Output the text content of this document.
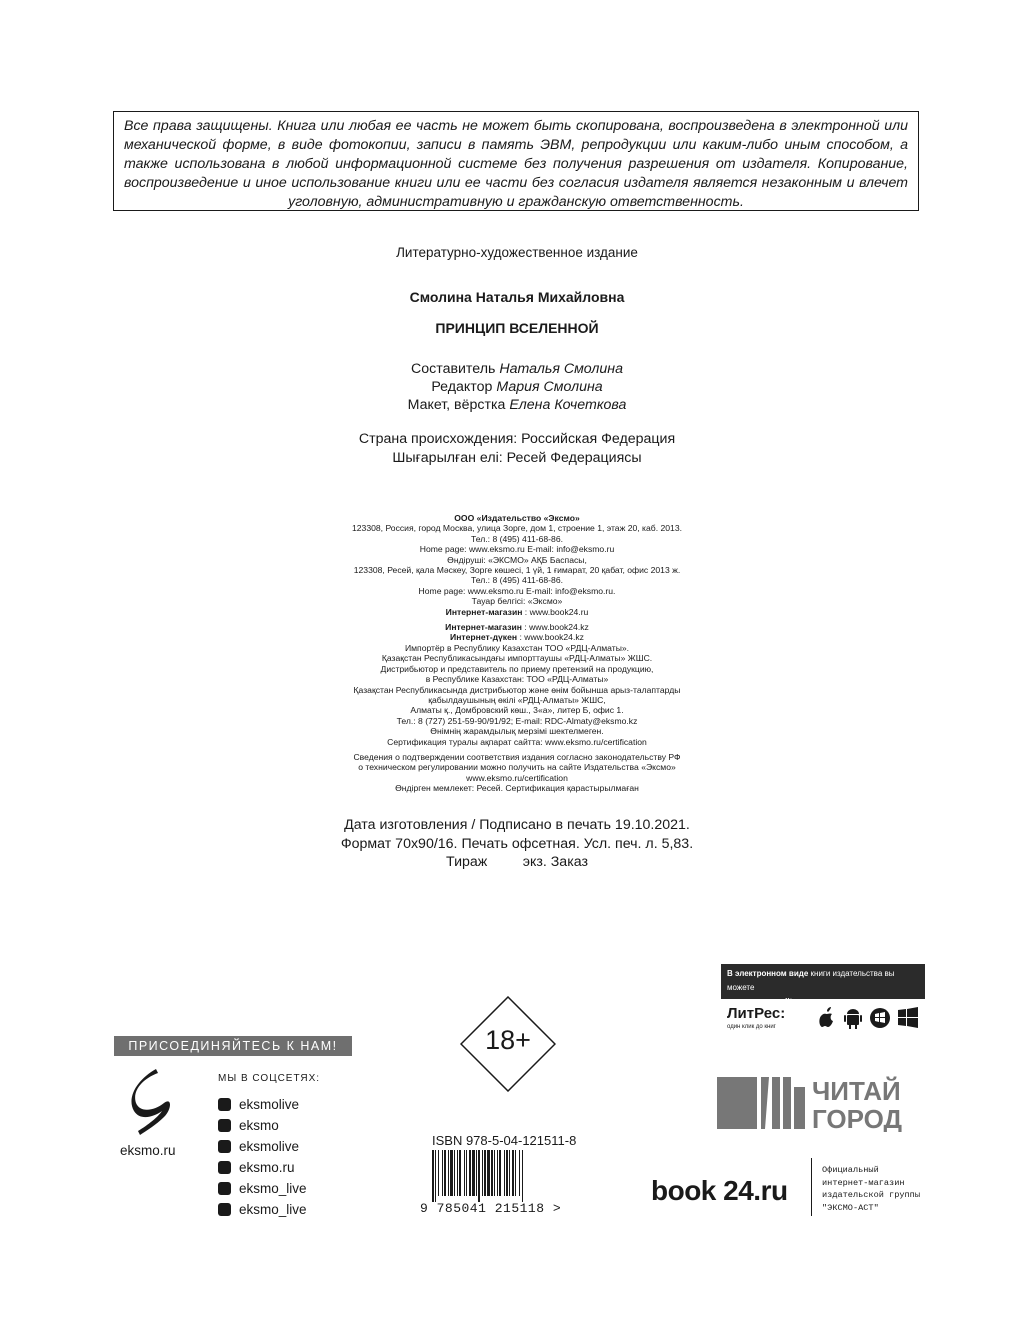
Все права защищены. Книга или любая ее часть не может быть скопирована, воспроизведена в электронной или механической форме, в виде фотокопии, записи в память ЭВМ, репродукции или каким-либо иным способом, а также использована в любой информационной системе без получения разрешения от издателя. Копирование, воспроизведение и иное использование книги или ее части без согласия издателя является незаконным и влечет уголовную, административную и гражданскую ответственность.
Литературно-художественное издание
Смолина Наталья Михайловна
ПРИНЦИП ВСЕЛЕННОЙ
Составитель Наталья Смолина
Редактор Мария Смолина
Макет, вёрстка Елена Кочеткова
Страна происхождения: Российская Федерация
Шығарылған елі: Ресей Федерациясы
ООО «Издательство «Эксмо»
123308, Россия, город Москва, улица Зорге, дом 1, строение 1, этаж 20, каб. 2013.
Тел.: 8 (495) 411-68-86.
Home page: www.eksmo.ru E-mail: info@eksmo.ru
Өндіруші: «ЭКСМО» АҚБ Баспасы,
123308, Ресей, қала Мәскеу, Зорге көшесі, 1 үй, 1 ғимарат, 20 қабат, офис 2013 ж.
Тел.: 8 (495) 411-68-86.
Home page: www.eksmo.ru E-mail: info@eksmo.ru.
Тауар белгісі: «Эксмо»
Интернет-магазин : www.book24.ru
Интернет-магазин : www.book24.kz
Интернет-дүкен : www.book24.kz
Импортёр в Республику Казахстан ТОО «РДЦ-Алматы».
Қазақстан Республикасындағы импорттаушы «РДЦ-Алматы» ЖШС.
Дистрибьютор и представитель по приему претензий на продукцию,
в Республике Казахстан: ТОО «РДЦ-Алматы»
Қазақстан Республикасында дистрибьютор және өнім бойынша арыз-талаптарды
қабылдаушының өкілі «РДЦ-Алматы» ЖШС,
Алматы қ., Домбровский көш., 3«а», литер Б, офис 1.
Тел.: 8 (727) 251-59-90/91/92; E-mail: RDC-Almaty@eksmo.kz
Өнімнің жарамдылық мерзімі шектелмеген.
Сертификация туралы ақпарат сайтта: www.eksmo.ru/certification
Сведения о подтверждении соответствия издания согласно законодательству РФ
о техническом регулировании можно получить на сайте Издательства «Эксмо»
www.eksmo.ru/certification
Өндірген мемлекет: Ресей. Сертификация қарастырылмаған
Дата изготовления / Подписано в печать 19.10.2021.
Формат 70x90/16. Печать офсетная. Усл. печ. л. 5,83.
Тираж         экз. Заказ
18+
ISBN 978-5-04-121511-8
9 785041 215118 >
ПРИСОЕДИНЯЙТЕСЬ К НАМ!
eksmo.ru
МЫ В СОЦСЕТЯХ:
eksmolive
eksmo
eksmolive
eksmo.ru
eksmo_live
eksmo_live
В электронном виде книги издательства вы можете
купить на www.litres.ru
ЛитРес:
один клик до книг
ЧИТАЙ
ГОРОД
book 24.ru
Официальный
интернет-магазин
издательской группы
"ЭКСМО-АСТ"
